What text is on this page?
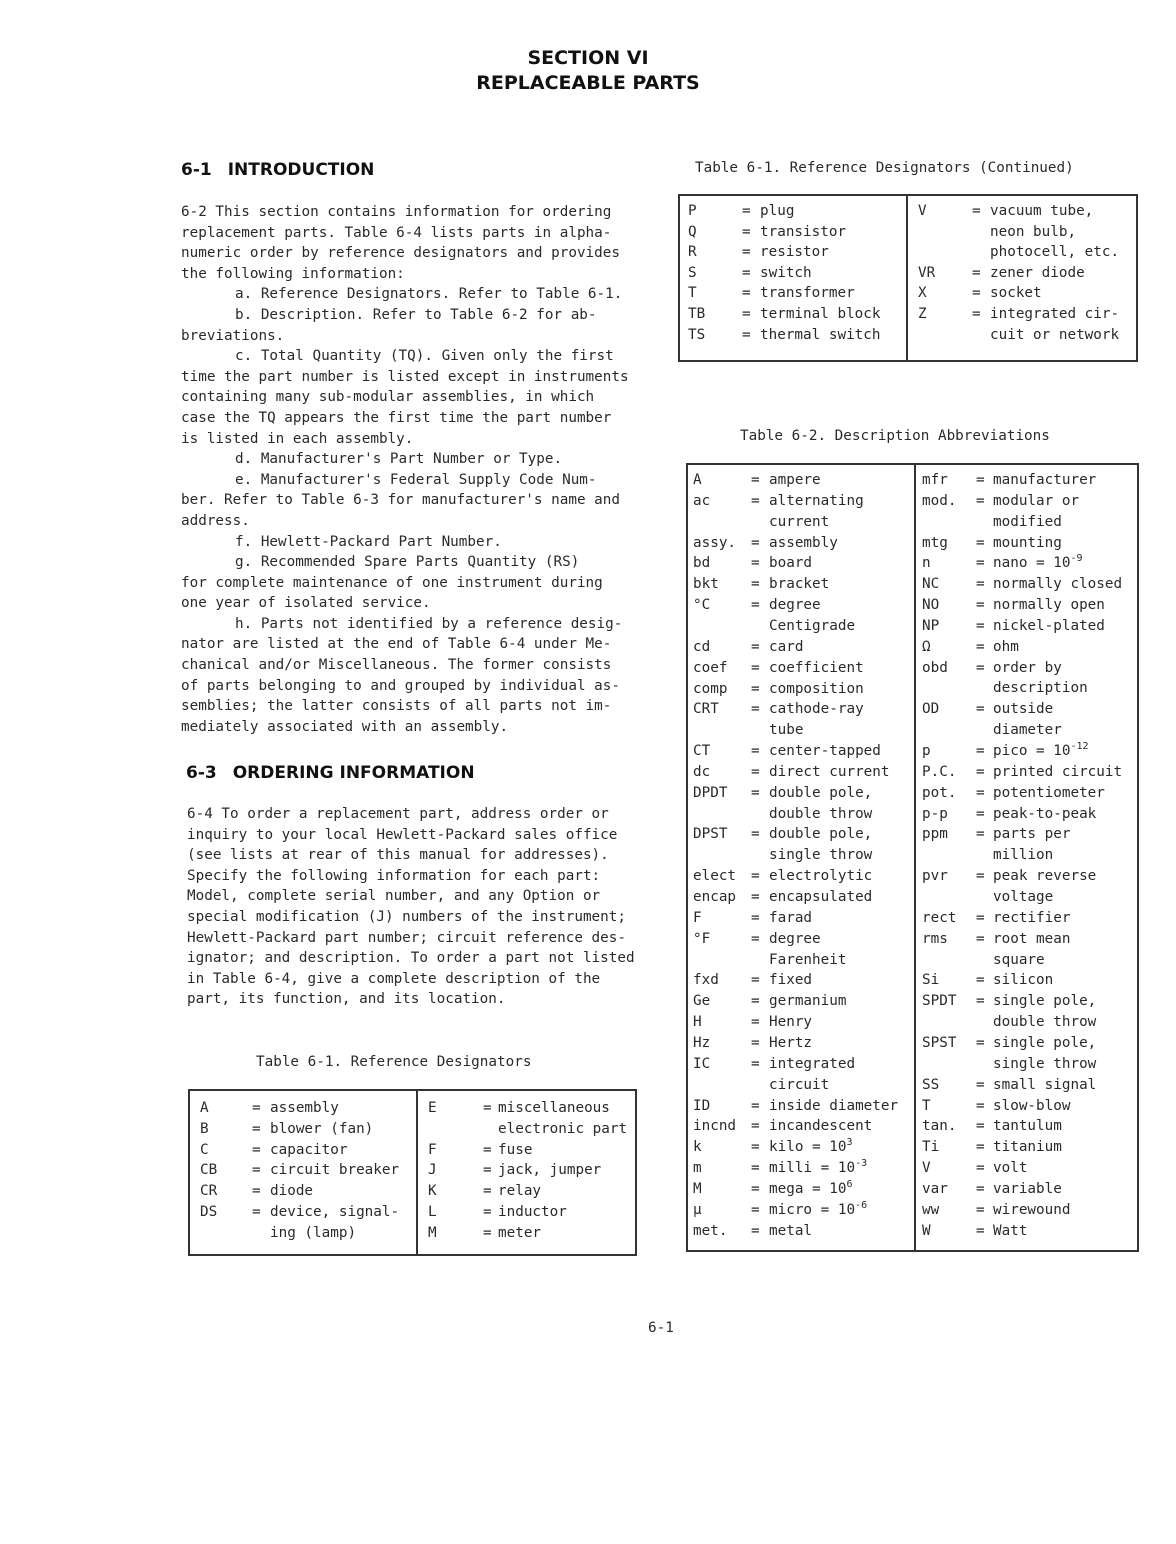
SECTION VI
REPLACEABLE PARTS
6-1 INTRODUCTION
6-2 This section contains information for ordering
replacement parts. Table 6-4 lists parts in alpha-
numeric order by reference designators and provides
the following information:
a. Reference Designators. Refer to Table 6-1.
b. Description. Refer to Table 6-2 for ab-
breviations.
c. Total Quantity (TQ). Given only the first
time the part number is listed except in instruments
containing many sub-modular assemblies, in which
case the TQ appears the first time the part number
is listed in each assembly.
d. Manufacturer's Part Number or Type.
e. Manufacturer's Federal Supply Code Num-
ber. Refer to Table 6-3 for manufacturer's name and
address.
f. Hewlett-Packard Part Number.
g. Recommended Spare Parts Quantity (RS)
for complete maintenance of one instrument during
one year of isolated service.
h. Parts not identified by a reference desig-
nator are listed at the end of Table 6-4 under Me-
chanical and/or Miscellaneous. The former consists
of parts belonging to and grouped by individual as-
semblies; the latter consists of all parts not im-
mediately associated with an assembly.
6-3 ORDERING INFORMATION
6-4 To order a replacement part, address order or
inquiry to your local Hewlett-Packard sales office
(see lists at rear of this manual for addresses).
Specify the following information for each part:
Model, complete serial number, and any Option or
special modification (J) numbers of the instrument;
Hewlett-Packard part number; circuit reference des-
ignator; and description. To order a part not listed
in Table 6-4, give a complete description of the
part, its function, and its location.
Table 6-1. Reference Designators
A	= assembly
B	= blower (fan)
C	= capacitor
CB = circuit breaker
CR = diode
DS = device, signal-
ing (lamp)
E	= miscellaneous
electronic part
F	= fuse
J	= jack, jumper
K	= relay
L	= inductor
M	= meter
Table 6-1. Reference Designators (Continued)
P	= plug
Q	= transistor
R	= resistor
S	= switch
T	= transformer
TB	= terminal block
TS	= thermal switch
V	= vacuum tube,
neon bulb,
photocell, etc.
VR	= zener diode
X	= socket
Z	= integrated cir-
cuit or network
Table 6-2. Description Abbreviations
A	= ampere
ac	= alternating
current
assy. = assembly
bd	= board
bkt = bracket
°C	= degree
Centigrade
cd	= card
coef = coefficient
comp = composition
CRT = cathode-ray
tube
CT	= center-tapped
dc	= direct current
DPDT = double pole,
double throw
DPST = double pole,
single throw
elect = electrolytic
encap = encapsulated
F	= farad
°F	= degree
Farenheit
fxd = fixed
Ge	= germanium
H	= Henry
Hz	= Hertz
IC	= integrated
circuit
ID	= inside diameter
incnd = incandescent
k	= kilo = $10^3$
m	= milli = $10^{-3}$
M	= mega = $10^6$
µ	= micro = $10^{-6}$
met. = metal
mfr = manufacturer
mod. = modular or
modified
mtg = mounting
n	= nano = $10^{-9}$
NC	= normally closed
NO	= normally open
NP	= nickel-plated
Ω	= ohm
obd = order by
description
OD	= outside
diameter
p	= pico = $10^{-12}$
P.C. = printed circuit
pot. = potentiometer
p-p = peak-to-peak
ppm = parts per
million
pvr = peak reverse
voltage
rect = rectifier
rms = root mean
square
Si	= silicon
SPDT = single pole,
double throw
SPST = single pole,
single throw
SS	= small signal
T	= slow-blow
tan. = tantulum
Ti	= titanium
V	= volt
var = variable
ww	= wirewound
W	= Watt
6-1
